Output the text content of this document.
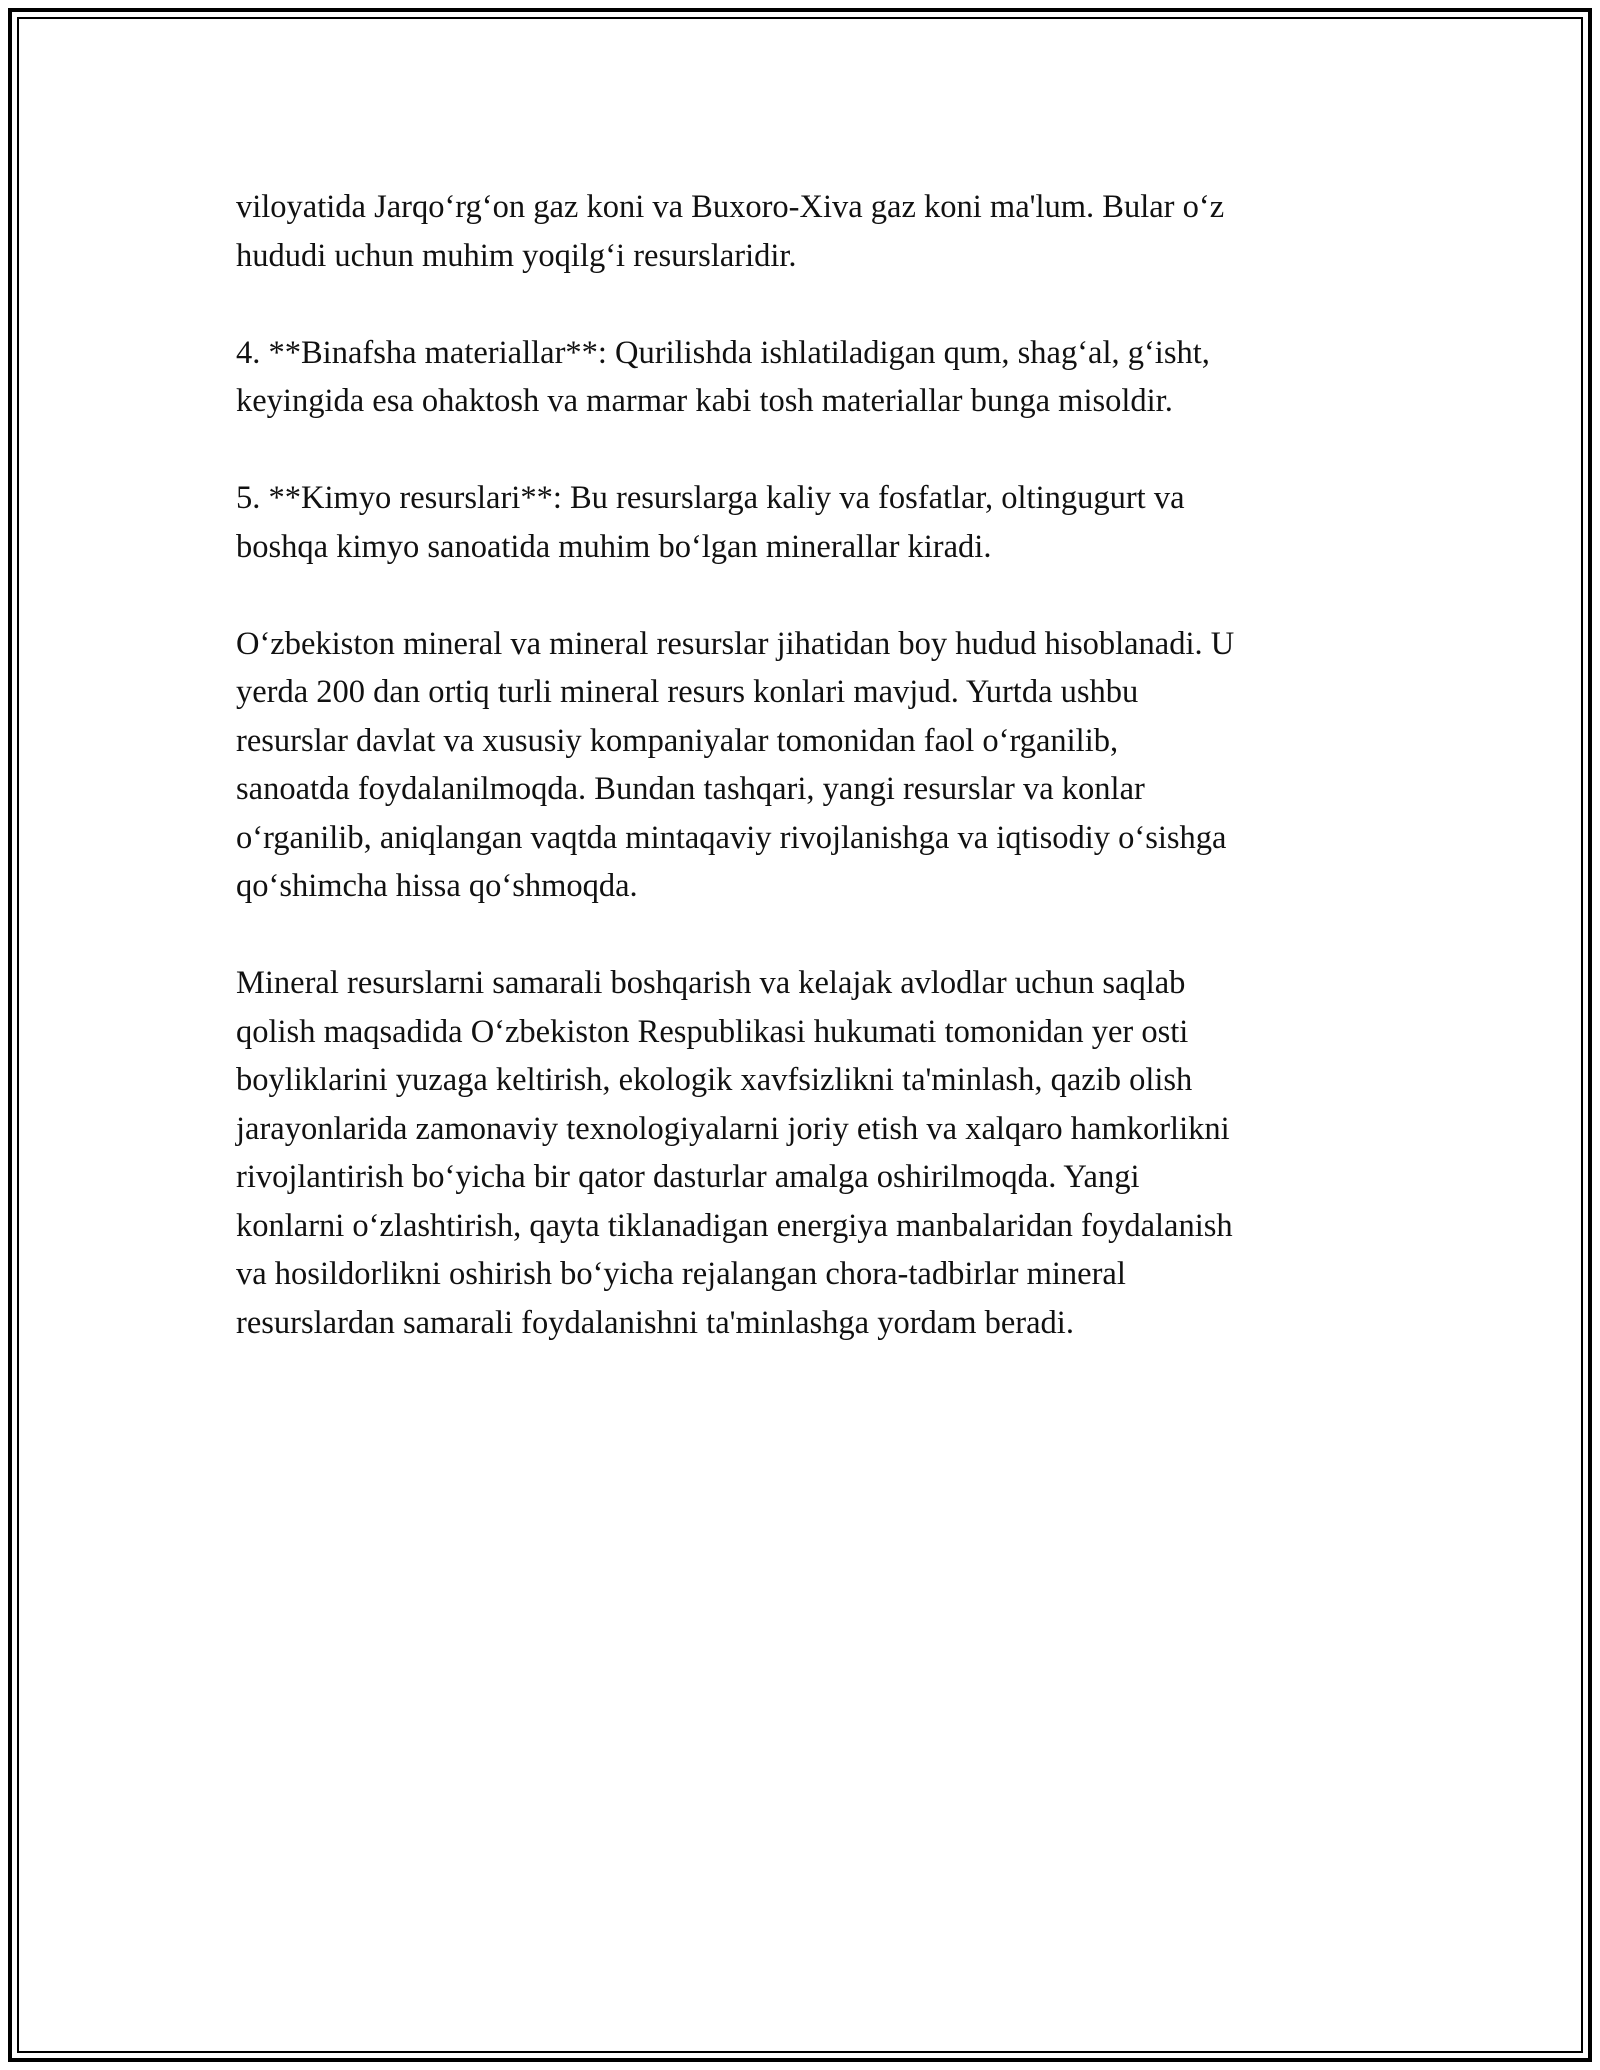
viloyatida Jarqo‘rg‘on gaz koni va Buxoro-Xiva gaz koni ma'lum. Bular o‘z
hududi uchun muhim yoqilg‘i resurslaridir.

4. **Binafsha materiallar**: Qurilishda ishlatiladigan qum, shag‘al, g‘isht,
keyingida esa ohaktosh va marmar kabi tosh materiallar bunga misoldir.

5. **Kimyo resurslari**: Bu resurslarga kaliy va fosfatlar, oltingugurt va
boshqa kimyo sanoatida muhim bo‘lgan minerallar kiradi.

O‘zbekiston mineral va mineral resurslar jihatidan boy hudud hisoblanadi. U
yerda 200 dan ortiq turli mineral resurs konlari mavjud. Yurtda ushbu
resurslar davlat va xususiy kompaniyalar tomonidan faol o‘rganilib,
sanoatda foydalanilmoqda. Bundan tashqari, yangi resurslar va konlar
o‘rganilib, aniqlangan vaqtda mintaqaviy rivojlanishga va iqtisodiy o‘sishga
qo‘shimcha hissa qo‘shmoqda.

Mineral resurslarni samarali boshqarish va kelajak avlodlar uchun saqlab
qolish maqsadida O‘zbekiston Respublikasi hukumati tomonidan yer osti
boyliklarini yuzaga keltirish, ekologik xavfsizlikni ta'minlash, qazib olish
jarayonlarida zamonaviy texnologiyalarni joriy etish va xalqaro hamkorlikni
rivojlantirish bo‘yicha bir qator dasturlar amalga oshirilmoqda. Yangi
konlarni o‘zlashtirish, qayta tiklanadigan energiya manbalaridan foydalanish
va hosildorlikni oshirish bo‘yicha rejalangan chora-tadbirlar mineral
resurslardan samarali foydalanishni ta'minlashga yordam beradi.
